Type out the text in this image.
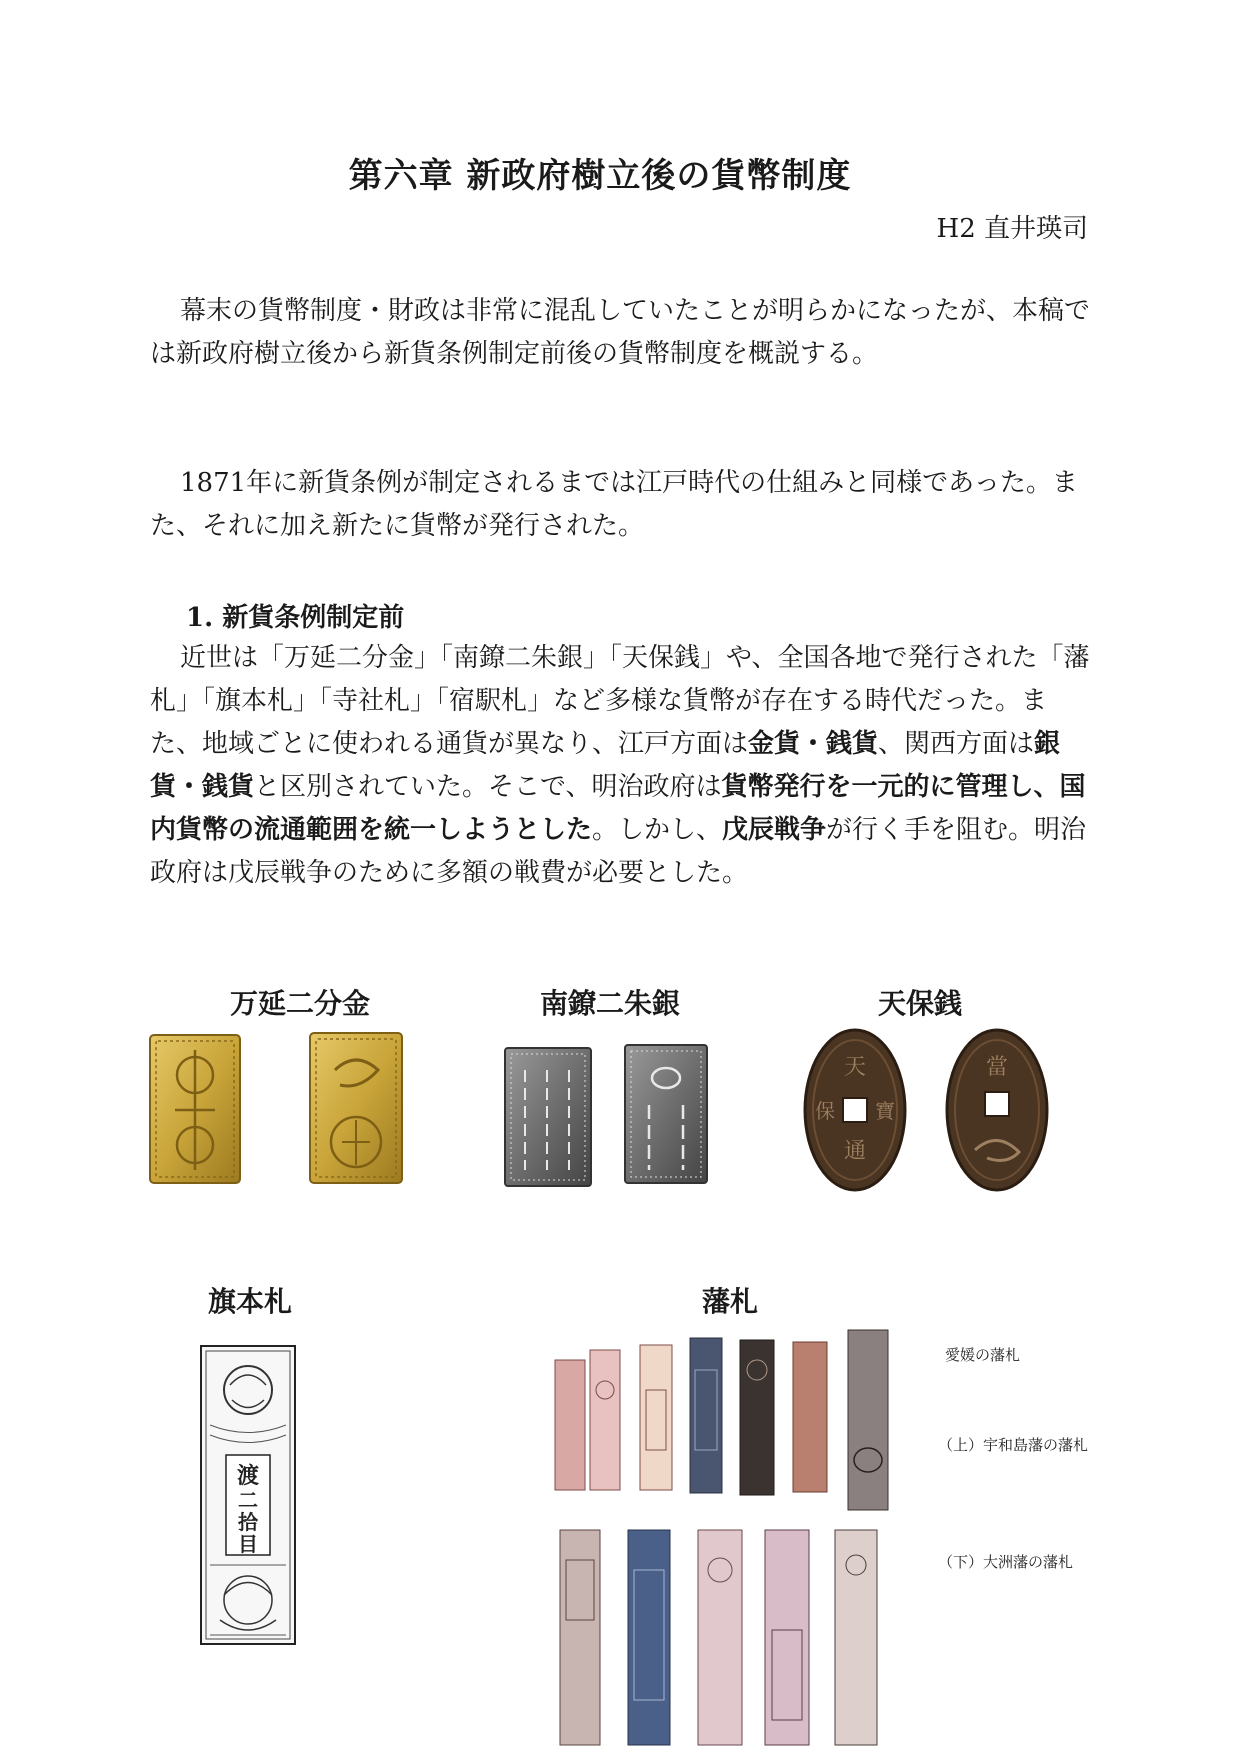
第六章 新政府樹立後の貨幣制度
H2 直井瑛司

幕末の貨幣制度・財政は非常に混乱していたことが明らかになったが、本稿では新政府樹立後から新貨条例制定前後の貨幣制度を概説する。

1871年に新貨条例が制定されるまでは江戸時代の仕組みと同様であった。また、それに加え新たに貨幣が発行された。

1. 新貨条例制定前

近世は「万延二分金」「南鐐二朱銀」「天保銭」や、全国各地で発行された「藩札」「旗本札」「寺社札」「宿駅札」など多様な貨幣が存在する時代だった。また、地域ごとに使われる通貨が異なり、江戸方面は金貨・銭貨、関西方面は銀貨・銭貨と区別されていた。そこで、明治政府は貨幣発行を一元的に管理し、国内貨幣の流通範囲を統一しようとした。しかし、戊辰戦争が行く手を阻む。明治政府は戊辰戦争のために多額の戦費が必要とした。

万延二分金	南鐐二朱銀	天保銭
天
通
保 寶
當
旗本札	藩札
渡
二
拾
目
愛媛の藩札
（上）宇和島藩の藩札
（下）大洲藩の藩札
